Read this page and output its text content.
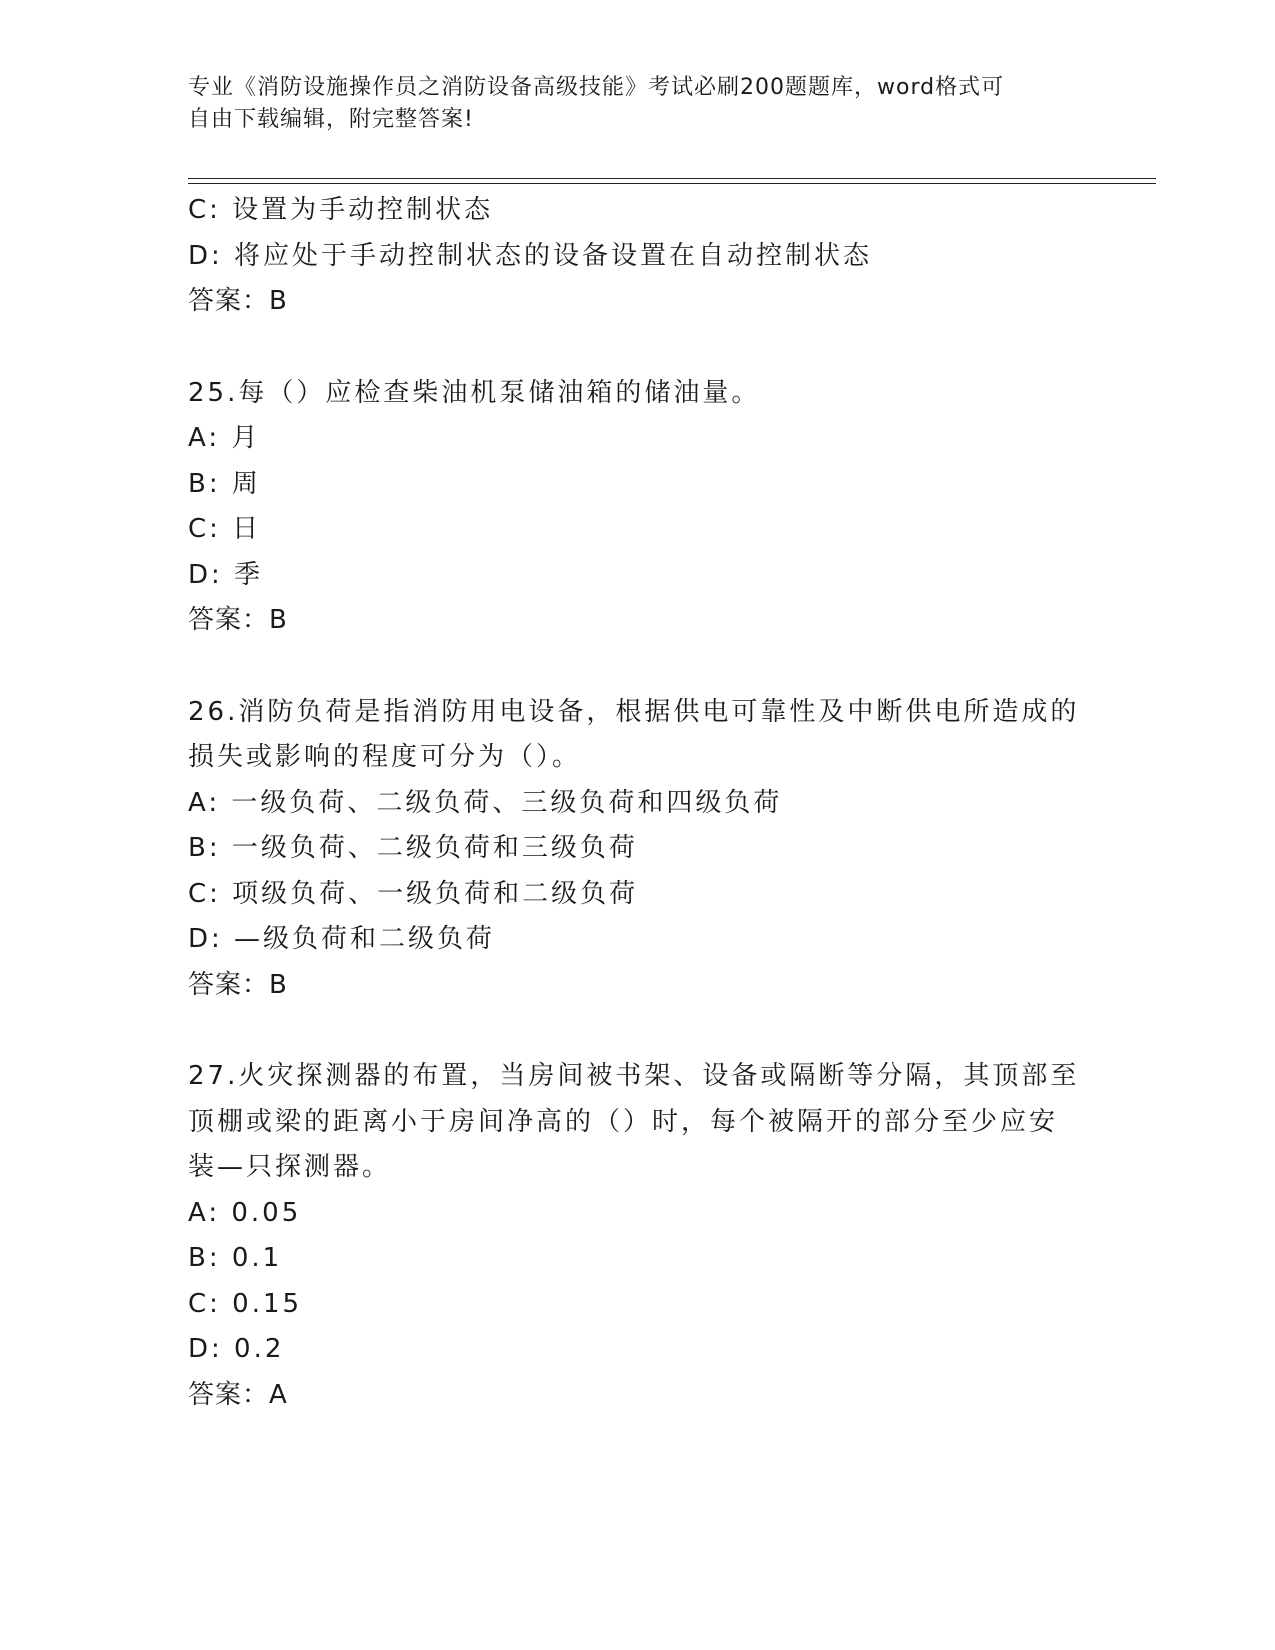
专业《消防设施操作员之消防设备高级技能》考试必刷200题题库，word格式可
自由下载编辑，附完整答案!
C: 设置为手动控制状态
D: 将应处于手动控制状态的设备设置在自动控制状态
答案：B
25.每（）应检查柴油机泵储油箱的储油量。
A: 月
B: 周
C: 日
D: 季
答案：B
26.消防负荷是指消防用电设备，根据供电可靠性及中断供电所造成的
损失或影响的程度可分为（）。
A: 一级负荷、二级负荷、三级负荷和四级负荷
B: 一级负荷、二级负荷和三级负荷
C: 项级负荷、一级负荷和二级负荷
D: —级负荷和二级负荷
答案：B
27.火灾探测器的布置，当房间被书架、设备或隔断等分隔，其顶部至
顶棚或梁的距离小于房间净高的（）时，每个被隔开的部分至少应安
装—只探测器。
A: 0.05
B: 0.1
C: 0.15
D: 0.2
答案：A
